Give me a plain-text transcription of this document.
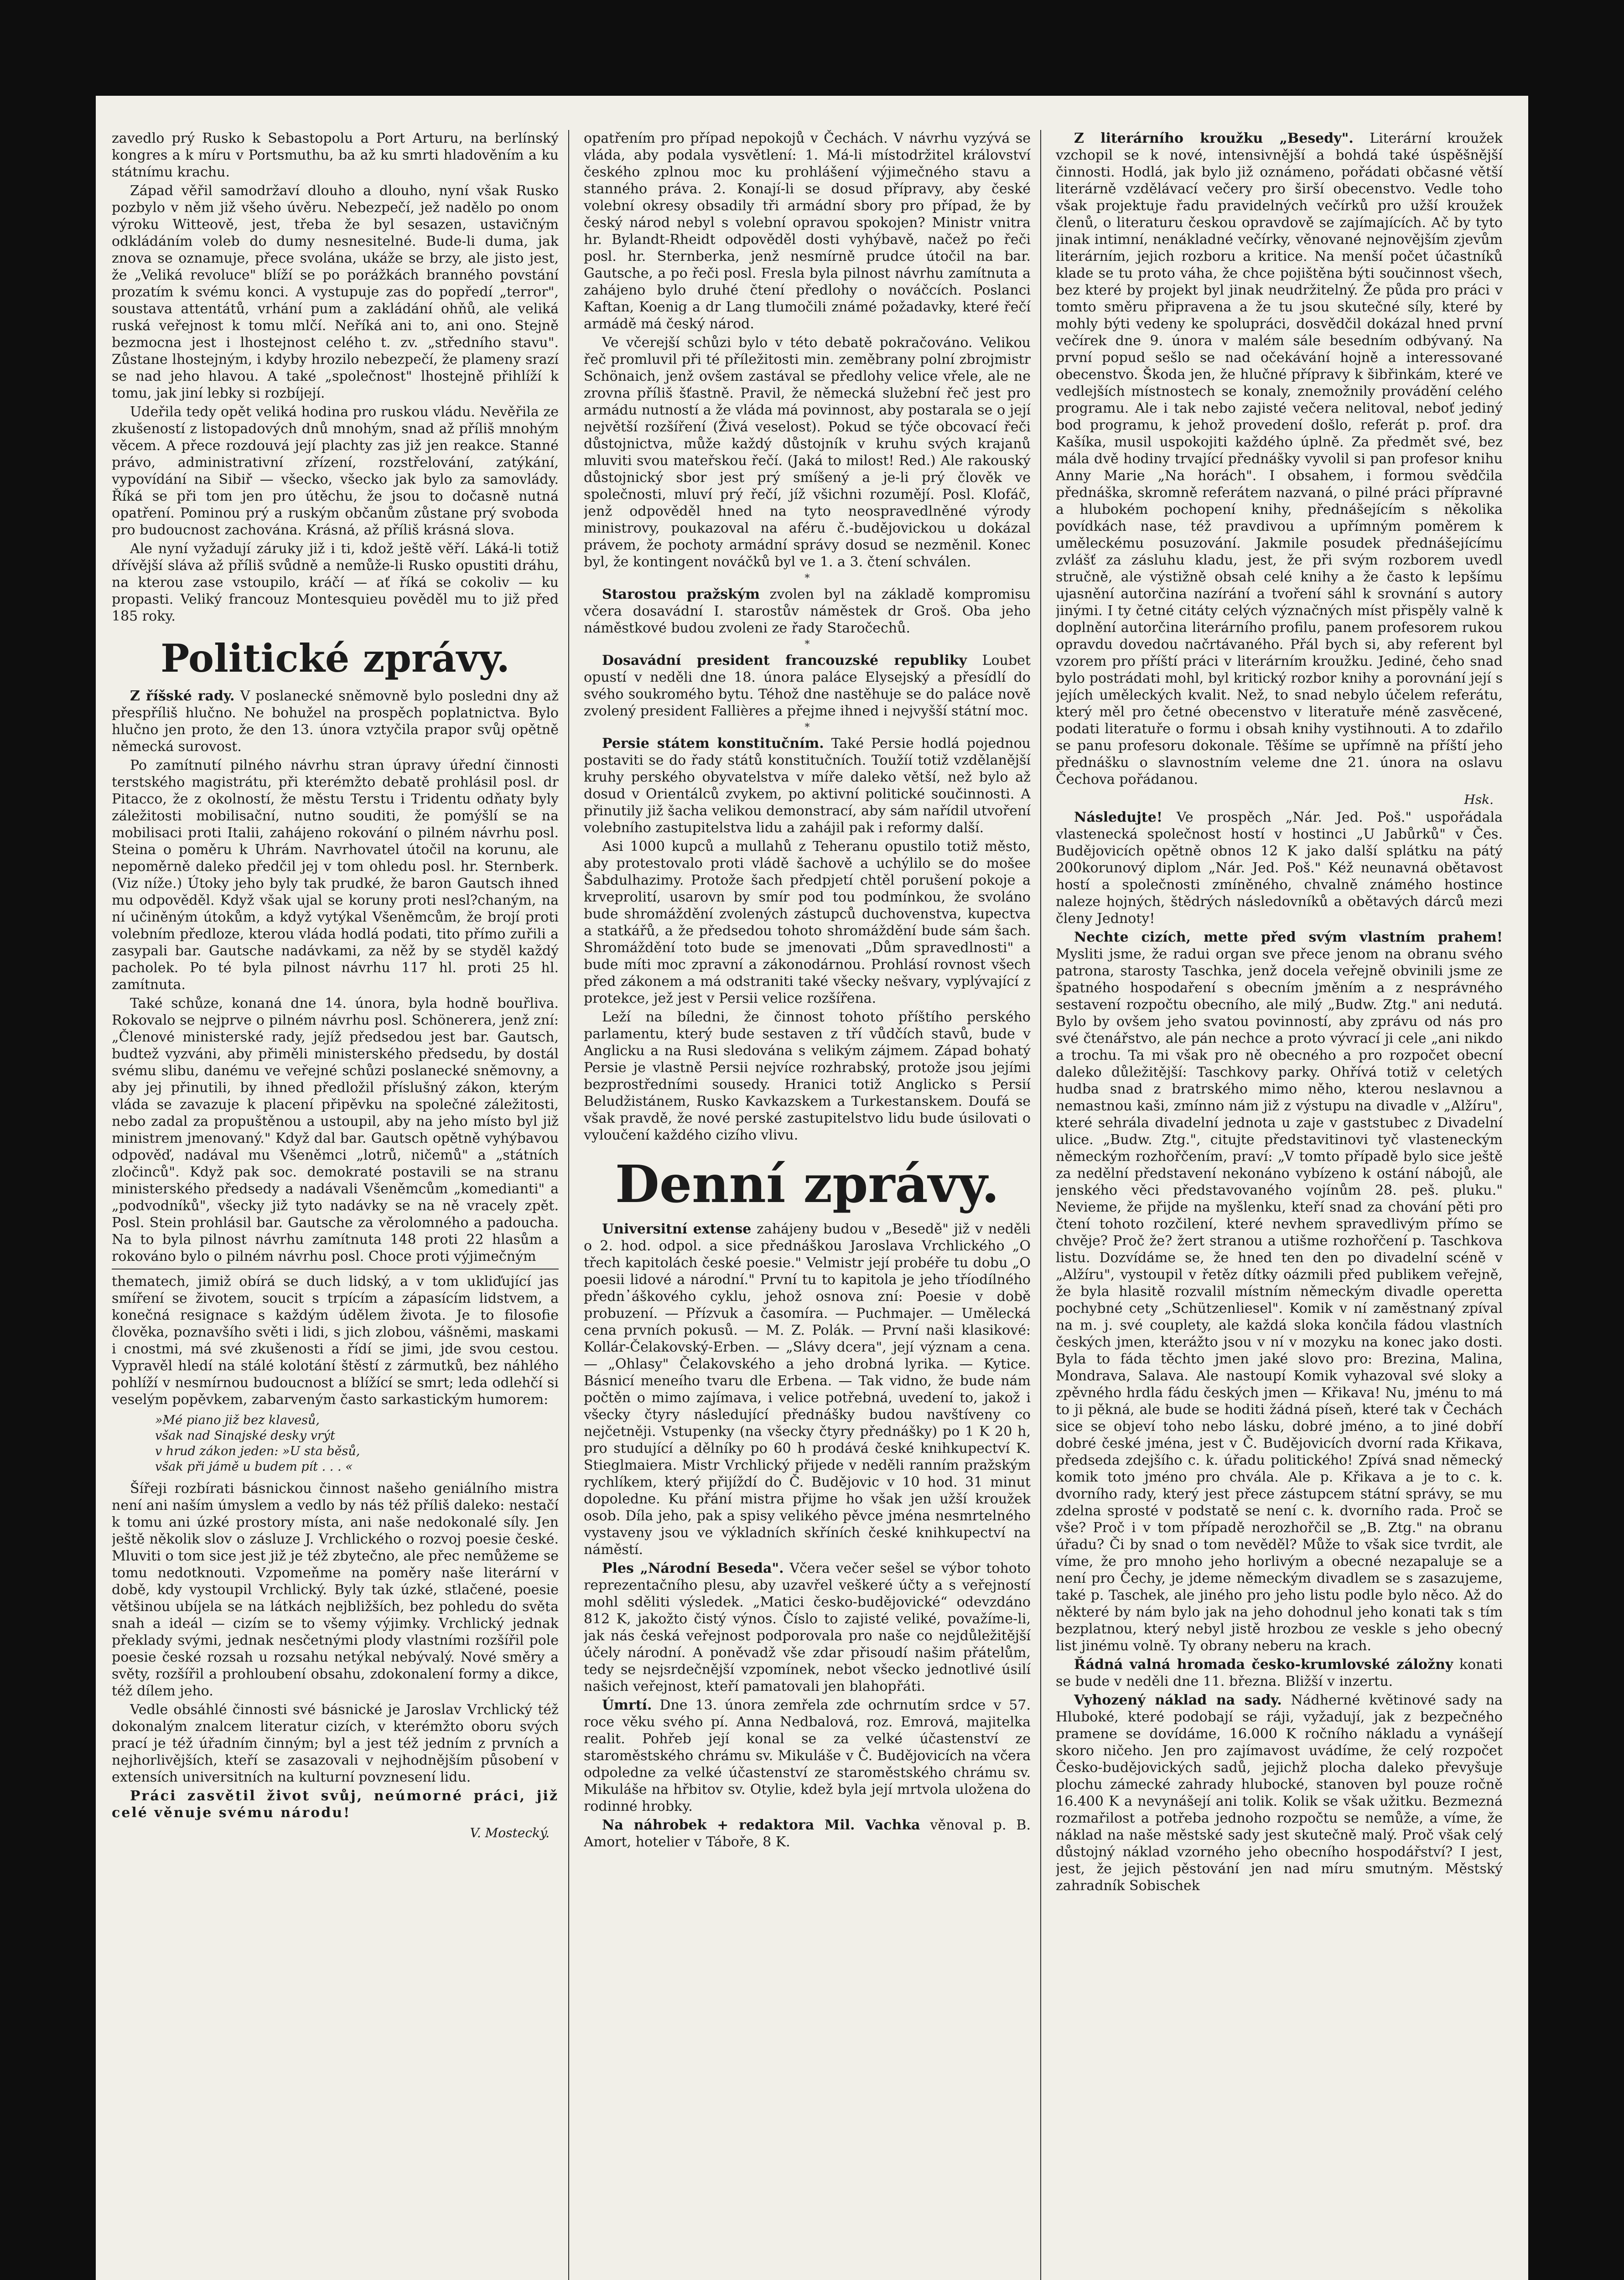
zavedlo prý Rusko k Sebastopolu a Port Arturu, na berlínský kongres a k míru v Portsmuthu, ba až ku smrti hladověním a ku státnímu krachu.

Západ věřil samodržaví dlouho a dlouho, nyní však Rusko pozbylo v něm již všeho úvěru. Nebezpečí, jež nadělo po onom výroku Witteově, jest, třeba že byl sesazen, ustavičným odkládáním voleb do dumy nesnesitelné. Bude-li duma, jak znova se oznamuje, přece svolána, ukáže se brzy, ale jisto jest, že „Veliká revoluce" blíží se po porážkách branného povstání prozatím k svému konci. A vystupuje zas do popředí „terror", soustava attentátů, vrhání pum a zakládání ohňů, ale veliká ruská veřejnost k tomu mlčí. Neříká ani to, ani ono. Stejně bezmocna jest i lhostejnost celého t. zv. „středního stavu". Zůstane lhostejným, i kdyby hrozilo nebezpečí, že plameny srazí se nad jeho hlavou. A také „společnost" lhostejně přihlíží k tomu, jak jiní lebky si rozbíjejí.

Udeřila tedy opět veliká hodina pro ruskou vládu. Nevěřila ze zkušeností z listopadových dnů mnohým, snad až příliš mnohým věcem. A přece rozdouvá její plachty zas již jen reakce. Stanné právo, administrativní zřízení, rozstřelování, zatýkání, vypovídání na Sibiř — všecko, všecko jak bylo za samovlády. Říká se při tom jen pro útěchu, že jsou to dočasně nutná opatření. Pominou prý a ruským občanům zůstane prý svoboda pro budoucnost zachována. Krásná, až příliš krásná slova.

Ale nyní vyžadují záruky již i ti, kdož ještě věří. Láká-li totiž dřívější sláva až příliš svůdně a nemůže-li Rusko opustiti dráhu, na kterou zase vstoupilo, kráčí — ať říká se cokoliv — ku propasti. Veliký francouz Montesquieu pověděl mu to již před 185 roky.

Politické zprávy.

Z říšské rady. V poslanecké sněmovně bylo posledni dny až přespříliš hlučno. Ne bohužel na prospěch poplatnictva. Bylo hlučno jen proto, že den 13. února vztyčila prapor svůj opětně německá surovost.

Po zamítnutí pilného návrhu stran úpravy úřední činnosti terstského magistrátu, při kterémžto debatě prohlásil posl. dr Pitacco, že z okolností, že městu Terstu i Tridentu odňaty byly záležitosti mobilisační, nutno souditi, že pomýšlí se na mobilisaci proti Italii, zahájeno rokování o pilném návrhu posl. Steina o poměru k Uhrám. Navrhovatel útočil na korunu, ale nepoměrně daleko předčil jej v tom ohledu posl. hr. Sternberk. (Viz níže.) Útoky jeho byly tak prudké, že baron Gautsch ihned mu odpověděl. Když však ujal se koruny proti nesl?chaným, na ní učiněným útokům, a když vytýkal Všeněmcům, že brojí proti volebním předloze, kterou vláda hodlá podati, tito přímo zuřili a zasypali bar. Gautsche nadávkami, za něž by se styděl každý pacholek. Po té byla pilnost návrhu 117 hl. proti 25 hl. zamítnuta.

Také schůze, konaná dne 14. února, byla hodně bouřliva. Rokovalo se nejprve o pilném návrhu posl. Schönerera, jenž zní: „Členové ministerské rady, jejíž předsedou jest bar. Gautsch, budtež vyzváni, aby přiměli ministerského předsedu, by dostál svému slibu, danému ve veřejné schůzi poslanecké sněmovny, a aby jej přinutili, by ihned předložil příslušný zákon, kterým vláda se zavazuje k placení připěvku na společné záležitosti, nebo zadal za propuštěnou a ustoupil, aby na jeho místo byl již ministrem jmenovaný." Když dal bar. Gautsch opětně vyhýbavou odpověď, nadával mu Všeněmci „lotrů, ničemů" a „státních zločinců". Když pak soc. demokraté postavili se na stranu ministerského předsedy a nadávali Všeněmcům „komedianti" a „podvodníků", všecky již tyto nadávky se na ně vracely zpět. Posl. Stein prohlásil bar. Gautsche za věrolomného a padoucha. Na to byla pilnost návrhu zamítnuta 148 proti 22 hlasům a rokováno bylo o pilném návrhu posl. Choce proti výjimečným

thematech, jimiž obírá se duch lidský, a v tom ukliďující jas smíření se životem, soucit s trpícím a zápasícím lidstvem, a konečná resignace s každým údělem života. Je to filosofie člověka, poznavšího světi i lidi, s jich zlobou, vášněmi, maskami i cnostmi, má své zkušenosti a řídí se jimi, jde svou cestou. Vypravěl hledí na stálé kolotání štěstí z zármutků, bez náhlého pohlíží v nesmírnou budoucnost a blížící se smrt; leda odlehčí si veselým popěvkem, zabarveným často sarkastickým humorem:

»Mé piano již bez klavesů,
však nad Sinajské desky vrýt
v hrud zákon jeden: »U sta běsů,
však při jámě u budem pít . . . «

Šířeji rozbírati básnickou činnost našeho geniálního mistra není ani naším úmyslem a vedlo by nás též příliš daleko: nestačí k tomu ani úzké prostory místa, ani naše nedokonalé síly. Jen ještě několik slov o zásluze J. Vrchlického o rozvoj poesie české. Mluviti o tom sice jest již je též zbytečno, ale přec nemůžeme se tomu nedotknouti. Vzpomeňme na poměry naše literární v době, kdy vystoupil Vrchlický. Byly tak úzké, stlačené, poesie většinou ubíjela se na látkách nejbližších, bez pohledu do světa snah a ideál — cizím se to všemy výjimky. Vrchlický jednak překlady svými, jednak nesčetnými plody vlastními rozšířil pole poesie české rozsah u rozsahu netýkal nebývalý. Nové směry a světy, rozšířil a prohloubení obsahu, zdokonalení formy a dikce, též dílem jeho.

Vedle obsáhlé činnosti své básnické je Jaroslav Vrchlický též dokonalým znalcem literatur cizích, v kterémžto oboru svých prací je též úřadním činným; byl a jest též jedním z prvních a nejhorlivějších, kteří se zasazovali v nejhodnějším působení v extensích universitních na kulturní povznesení lidu.

Práci zasvětil život svůj, neúmorné práci, již celé věnuje svému národu!

V. Mostecký.

opatřením pro případ nepokojů v Čechách. V návrhu vyzývá se vláda, aby podala vysvětlení: 1. Má-li místodržitel království českého zplnou moc ku prohlášení výjimečného stavu a stanného práva. 2. Konají-li se dosud přípravy, aby české volební okresy obsadily tři armádní sbory pro případ, že by český národ nebyl s volební opravou spokojen? Ministr vnitra hr. Bylandt-Rheidt odpověděl dosti vyhýbavě, načež po řeči posl. hr. Sternberka, jenž nesmírně prudce útočil na bar. Gautsche, a po řeči posl. Fresla byla pilnost návrhu zamítnuta a zahájeno bylo druhé čtení předlohy o nováčcích. Poslanci Kaftan, Koenig a dr Lang tlumočili známé požadavky, které řečí armádě má český národ.

Ve včerejší schůzi bylo v této debatě pokračováno. Velikou řeč promluvil při té příležitosti min. zeměbrany polní zbrojmistr Schönaich, jenž ovšem zastával se předlohy velice vřele, ale ne zrovna příliš šťastně. Pravil, že německá služební řeč jest pro armádu nutností a že vláda má povinnost, aby postarala se o její největší rozšíření (Živá veselost). Pokud se týče obcovací řeči důstojnictva, může každý důstojník v kruhu svých krajanů mluviti svou mateřskou řečí. (Jaká to milost! Red.) Ale rakouský důstojnický sbor jest prý smíšený a je-li prý člověk ve společnosti, mluví prý řečí, jíž všichni rozumějí. Posl. Klofáč, jenž odpověděl hned na tyto neospravedlněné výrody ministrovy, poukazoval na aféru č.-budějovickou u dokázal právem, že pochoty armádní správy dosud se nezměnil. Konec byl, že kontingent nováčků byl ve 1. a 3. čtení schválen.

*

Starostou pražským zvolen byl na základě kompromisu včera dosavádní I. starostův náměstek dr Groš. Oba jeho náměstkové budou zvoleni ze řady Staročechů.

*

Dosavádní president francouzské republiky Loubet opustí v neděli dne 18. února paláce Elysejský a přesídlí do svého soukromého bytu. Téhož dne nastěhuje se do paláce nově zvolený president Fallières a přejme ihned i nejvyšší státní moc.

*

Persie státem konstitučním. Také Persie hodlá pojednou postaviti se do řady států konstitučních. Toužíí totiž vzdělanější kruhy perského obyvatelstva v míře daleko větší, než bylo až dosud v Orientálců zvykem, po aktivní politické součinnosti. A přinutily již šacha velikou demonstrací, aby sám nařídil utvoření volebního zastupitelstva lidu a zahájil pak i reformy další.

Asi 1000 kupců a mullahů z Teheranu opustilo totiž město, aby protestovalo proti vládě šachově a uchýlilo se do mošee Šabdulhazimy. Protože šach předpjetí chtěl porušení pokoje a krveprolití, usarovn by smír pod tou podmínkou, že svoláno bude shromáždění zvolených zástupců duchovenstva, kupectva a statkářů, a že předsedou tohoto shromáždění bude sám šach. Shromáždění toto bude se jmenovati „Dům spravedlnosti" a bude míti moc zpravní a zákonodárnou. Prohlásí rovnost všech před zákonem a má odstraniti také všecky nešvary, vyplývající z protekce, jež jest v Persii velice rozšířena.

Leží na bíledni, že činnost tohoto příštího perského parlamentu, který bude sestaven z tří vůdčích stavů, bude v Anglicku a na Rusi sledována s velikým zájmem. Západ bohatý Persie je vlastně Persii nejvíce rozhrabský, protože jsou jejími bezprostředními sousedy. Hranici totiž Anglicko s Persií Beludžistánem, Rusko Kavkazskem a Turkestanskem. Doufá se však pravdě, že nové perské zastupitelstvo lidu bude úsilovati o vyloučení každého cizího vlivu.

Denní zprávy.

Universitní extense zahájeny budou v „Besedě" již v neděli o 2. hod. odpol. a sice přednáškou Jaroslava Vrchlického „O třech kapitolách české poesie." Velmistr její probéře tu dobu „O poesii lidové a národní." První tu to kapitola je jeho tříodílného předn᾿áškového cyklu, jehož osnova zní: Poesie v době probuzení. — Přízvuk a časomíra. — Puchmajer. — Umělecká cena prvních pokusů. — M. Z. Polák. — První naši klasikové: Kollár-Čelakovský-Erben. — „Slávy dcera", její význam a cena. — „Ohlasy" Čelakovského a jeho drobná lyrika. — Kytice. Básnicí meneího tvaru dle Erbena. — Tak vidno, že bude nám počtěn o mimo zajímava, i velice potřebná, uvedení to, jakož i všecky čtyry následující přednášky budou navštíveny co nejčetněji. Vstupenky (na všecky čtyry přednášky) po 1 K 20 h, pro studující a dělníky po 60 h prodává české knihkupectví K. Stieglmaiera. Mistr Vrchlický přijede v neděli ranním pražským rychlíkem, který přijíždí do Č. Budějovic v 10 hod. 31 minut dopoledne. Ku přání mistra přijme ho však jen užší kroužek osob. Díla jeho, pak a spisy velikého pěvce jména nesmrtelného vystaveny jsou ve výkladních skříních české knihkupectví na náměstí.

Ples „Národní Beseda". Včera večer sešel se výbor tohoto reprezentačního plesu, aby uzavřel veškeré účty a s veřejností mohl sděliti výsledek. „Matici česko-budějovické“ odevzdáno 812 K, jakožto čistý výnos. Číslo to zajisté veliké, považíme-li, jak nás česká veřejnost podporovala pro naše co nejdůležitější účely národní. A poněvadž vše zdar přisoudí našim přátelům, tedy se nejsrdečnější vzpomínek, nebot všecko jednotlivé úsilí našich veřejnost, kteří pamatovali jen blahopřáti.

Úmrtí. Dne 13. února zemřela zde ochrnutím srdce v 57. roce věku svého pí. Anna Nedbalová, roz. Emrová, majitelka realit. Pohřeb její konal se za velké účastenství ze staroměstského chrámu sv. Mikuláše v Č. Budějovicích na včera odpoledne za velké účastenství ze staroměstského chrámu sv. Mikuláše na hřbitov sv. Otylie, kdež byla její mrtvola uložena do rodinné hrobky.

Na náhrobek + redaktora Mil. Vachka věnoval p. B. Amort, hotelier v Táboře, 8 K.

Z literárního kroužku „Besedy". Literární kroužek vzchopil se k nové, intensivnější a bohdá také úspěšnější činnosti. Hodlá, jak bylo již oznámeno, pořádati občasné větší literárně vzdělávací večery pro širší obecenstvo. Vedle toho však projektuje řadu pravidelných večírků pro užší kroužek členů, o literaturu českou opravdově se zajímajících. Ač by tyto jinak intimní, nenákladné večírky, věnované nejnovějším zjevům literárním, jejich rozboru a kritice. Na menší počet účastníků klade se tu proto váha, že chce pojištěna býti součinnost všech, bez které by projekt byl jinak neudržitelný. Že půda pro práci v tomto směru připravena a že tu jsou skutečné síly, které by mohly býti vedeny ke spolupráci, dosvědčil dokázal hned první večírek dne 9. února v malém sále besedním odbývaný. Na první popud sešlo se nad očekávání hojně a interessované obecenstvo. Škoda jen, že hlučné přípravy k šibřinkám, které ve vedlejších místnostech se konaly, znemožnily provádění celého programu. Ale i tak nebo zajisté večera nelitoval, neboť jediný bod programu, k jehož provedení došlo, referát p. prof. dra Kašíka, musil uspokojiti každého úplně. Za předmět své, bez mála dvě hodiny trvající přednášky vyvolil si pan profesor knihu Anny Marie „Na horách". I obsahem, i formou svědčila přednáška, skromně referátem nazvaná, o pilné práci přípravné a hlubokém pochopení knihy, přednášejícím s několika povídkách nase, též pravdivou a upřímným poměrem k uměleckému posuzování. Jakmile posudek přednášejícímu zvlášť za zásluhu kladu, jest, že při svým rozborem uvedl stručně, ale výstižně obsah celé knihy a že často k lepšímu ujasnění autorčina nazírání a tvoření sáhl k srovnání s autory jinými. I ty četné citáty celých význačných míst přispěly valně k doplnění autorčina literárního profilu, panem profesorem rukou opravdu dovedou načrtávaného. Přál bych si, aby referent byl vzorem pro příští práci v literárním kroužku. Jediné, čeho snad bylo postrádati mohl, byl kritický rozbor knihy a porovnání její s jejích uměleckých kvalit. Než, to snad nebylo účelem referátu, který měl pro četné obecenstvo v literatuře méně zasvěcené, podati literatuře o formu i obsah knihy vystihnouti. A to zdařilo se panu profesoru dokonale. Těšíme se upřímně na příští jeho přednášku o slavnostním veleme dne 21. února na oslavu Čechova pořádanou.

Hsk.

Následujte! Ve prospěch „Nár. Jed. Poš." uspořádala vlastenecká společnost hostí v hostinci „U Jabůrků" v Čes. Budějovicích opětně obnos 12 K jako další splátku na pátý 200korunový diplom „Nár. Jed. Poš." Kéž neunavná obětavost hostí a společnosti zmíněného, chvalně známého hostince naleze hojných, štědrých následovníků a obětavých dárců mezi členy Jednoty!

Nechte cizích, mette před svým vlastním prahem! Mysliti jsme, že radui organ sve přece jenom na obranu svého patrona, starosty Taschka, jenž docela veřejně obvinili jsme ze špatného hospodaření s obecním jměním a z nesprávného sestavení rozpočtu obecního, ale milý „Budw. Ztg." ani nedutá. Bylo by ovšem jeho svatou povinností, aby zprávu od nás pro své čtenářstvo, ale pán nechce a proto vývrací ji cele „ani nikdo a trochu. Ta mi však pro ně obecného a pro rozpočet obecní daleko důležitější: Taschkovy parky. Ohřívá totiž v celetých hudba snad z bratrského mimo něho, kterou neslavnou a nemastnou kaši, zmínno nám již z výstupu na divadle v „Alžíru", které sehrála divadelní jednota u zaje v gaststubec z Divadelní ulice. „Budw. Ztg.", citujte představitinovi tyč vlasteneckým německým rozhořčením, praví: „V tomto případě bylo sice ještě za nedělní představení nekonáno vybízeno k ostání nábojů, ale jenského věci představovaného vojínům 28. peš. pluku." Nevieme, že přijde na myšlenku, kteří snad za chování pěti pro čtení tohoto rozčilení, které nevhem spravedlivým přímo se chvěje? Proč že? žert stranou a utišme rozhořčení p. Taschkova listu. Dozvídáme se, že hned ten den po divadelní scéně v „Alžíru", vystoupil v řetěz dítky oázmili před publikem veřejně, že byla hlasitě rozvalil místním německým divadle operetta pochybné cety „Schützenliesel". Komik v ní zaměstnaný zpíval na m. j. své couplety, ale každá sloka končila fádou vlastních českých jmen, kterážto jsou v ní v mozyku na konec jako dosti. Byla to fáda těchto jmen jaké slovo pro: Brezina, Malina, Mondrava, Salava. Ale nastoupí Komik vyhazoval své sloky a zpěvného hrdla fádu českých jmen — Křikava! Nu, jménu to má to ji pěkná, ale bude se hoditi žádná píseň, které tak v Čechách sice se objeví toho nebo lásku, dobré jméno, a to jiné dobří dobré české jména, jest v Č. Budějovicích dvorní rada Křikava, předseda zdejšího c. k. úřadu politického! Zpívá snad německý komik toto jméno pro chvála. Ale p. Křikava a je to c. k. dvorního rady, který jest přece zástupcem státní správy, se mu zdelna sprosté v podstatě se není c. k. dvorního rada. Proč se vše? Proč i v tom případě nerozhořčil se „B. Ztg." na obranu úřadu? Či by snad o tom nevěděl? Může to však sice tvrdit, ale víme, že pro mnoho jeho horlivým a obecné nezapaluje se a není pro Čechy, je jdeme německým divadlem se s zasazujeme, také p. Taschek, ale jiného pro jeho listu podle bylo něco. Až do některé by nám bylo jak na jeho dohodnul jeho konati tak s tím bezplatnou, který nebyl jistě hrozbou ze veskle s jeho obecný list jinému volně. Ty obrany neberu na krach.

Řádná valná hromada česko-krumlovské záložny konati se bude v neděli dne 11. března. Bližší v inzertu.

Vyhozený náklad na sady. Nádherné květinové sady na Hluboké, které podobají se ráji, vyžadují, jak z bezpečného pramene se dovídáme, 16.000 K ročního nákladu a vynášejí skoro ničeho. Jen pro zajímavost uvádíme, že celý rozpočet Česko-budějovických sadů, jejichž plocha daleko převyšuje plochu zámecké zahrady hlubocké, stanoven byl pouze ročně 16.400 K a nevynášejí ani tolik. Kolik se však užitku. Bezmezná rozmařilost a potřeba jednoho rozpočtu se nemůže, a víme, že náklad na naše městské sady jest skutečně malý. Proč však celý důstojný náklad vzorného jeho obecního hospodářství? I jest, jest, že jejich pěstování jen nad míru smutným. Městský zahradník Sobischek
